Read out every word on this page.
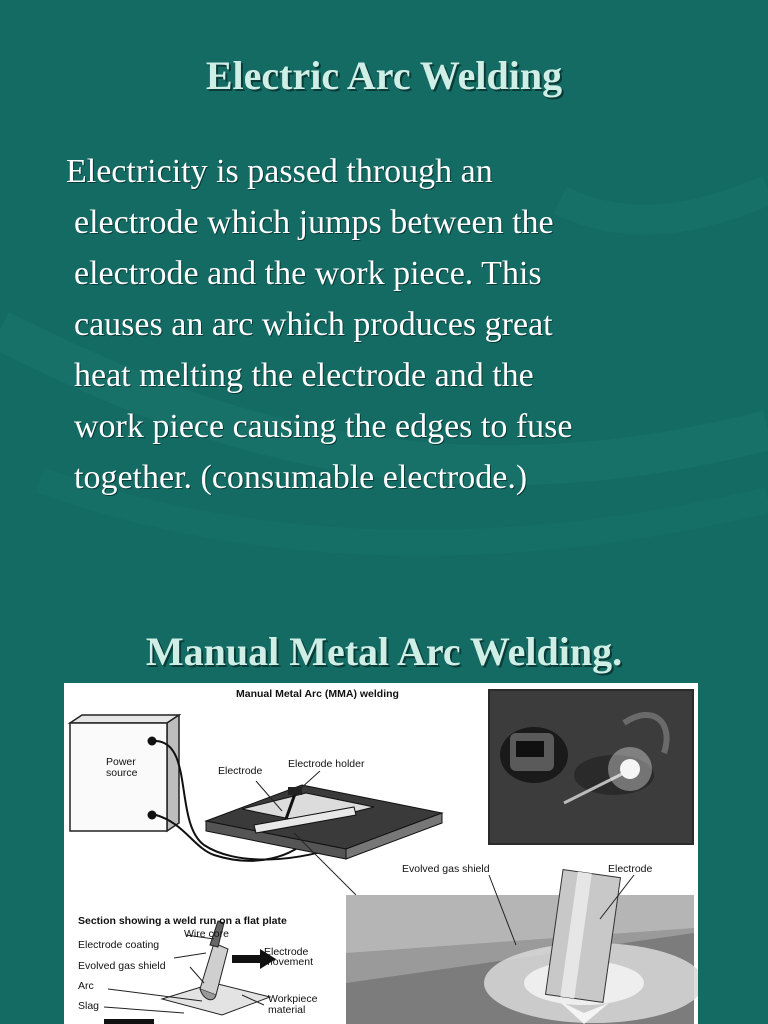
Electric Arc Welding
Electricity is passed through an
electrode which jumps between the
electrode and the work piece. This
causes an arc which produces great
heat melting the electrode and the
work piece causing the edges to fuse
together. (consumable electrode.)
Manual Metal Arc Welding.
Manual Metal Arc (MMA) welding
Power
source	Electrode
Electrode holder
Evolved gas shield	Electrode
Section showing a weld run on a flat plate
Wire core
Electrode coating
Electrode
movement
Evolved gas shield
Arc
Slag
Workpiece
material
